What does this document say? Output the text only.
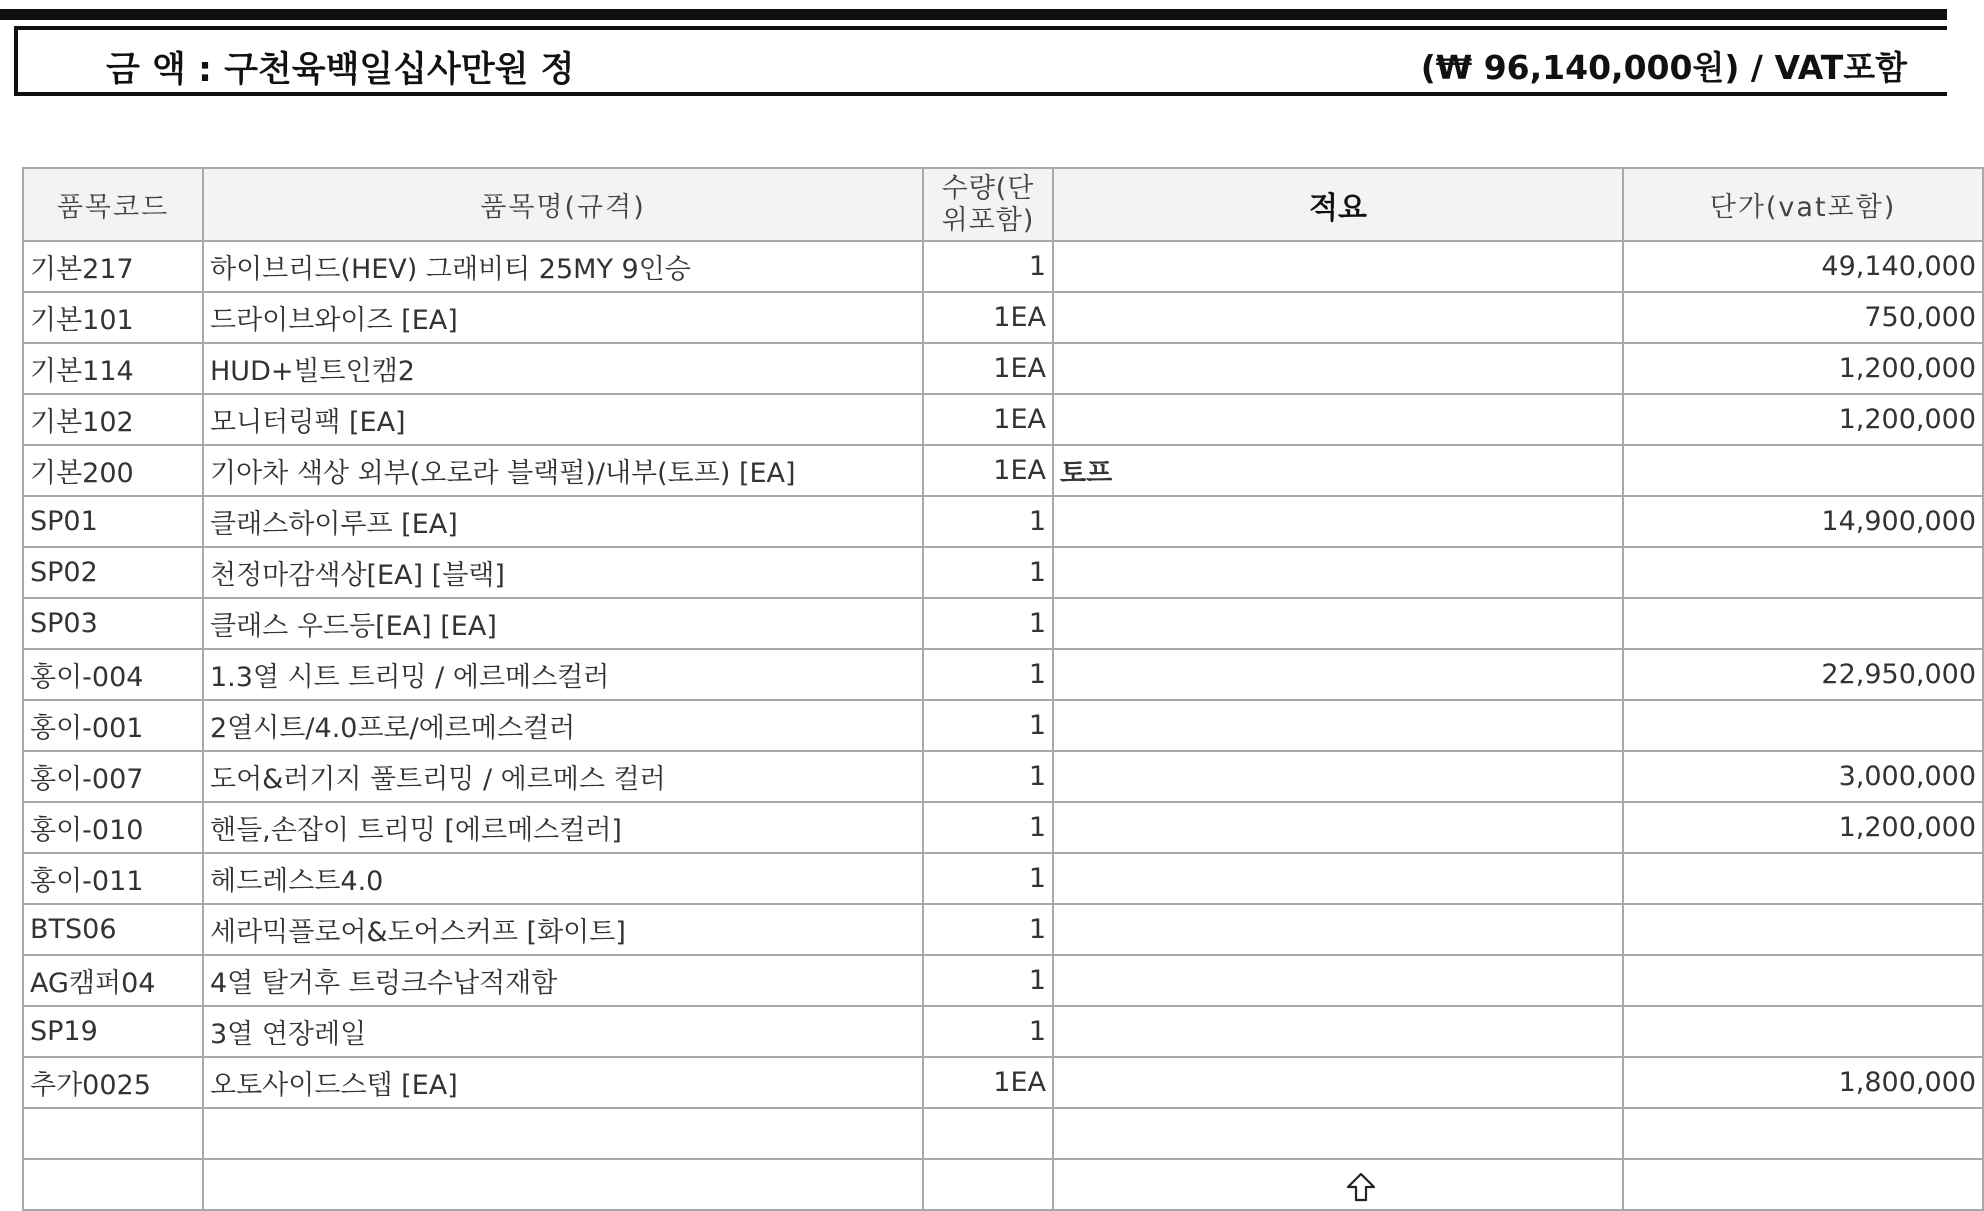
금 액 : 구천육백일십사만원 정	(₩ 96,140,000원) / VAT포함
품목코드	품목명(규격)	수량(단
위포함)	적요	단가(vat포함)
기본217	하이브리드(HEV) 그래비티 25MY 9인승	1		49,140,000
기본101	드라이브와이즈 [EA]	1EA		750,000
기본114	HUD+빌트인캠2	1EA		1,200,000
기본102	모니터링팩 [EA]	1EA		1,200,000
기본200	기아차 색상 외부(오로라 블랙펄)/내부(토프) [EA]	1EA	토프	
SP01	클래스하이루프 [EA]	1		14,900,000
SP02	천정마감색상[EA] [블랙]	1		
SP03	클래스 우드등[EA] [EA]	1		
홍이-004	1.3열 시트 트리밍 / 에르메스컬러	1		22,950,000
홍이-001	2열시트/4.0프로/에르메스컬러	1		
홍이-007	도어&러기지 풀트리밍 / 에르메스 컬러	1		3,000,000
홍이-010	핸들,손잡이 트리밍 [에르메스컬러]	1		1,200,000
홍이-011	헤드레스트4.0	1		
BTS06	세라믹플로어&도어스커프 [화이트]	1		
AG캠퍼04	4열 탈거후 트렁크수납적재함	1		
SP19	3열 연장레일	1		
추가0025	오토사이드스텝 [EA]	1EA		1,800,000
